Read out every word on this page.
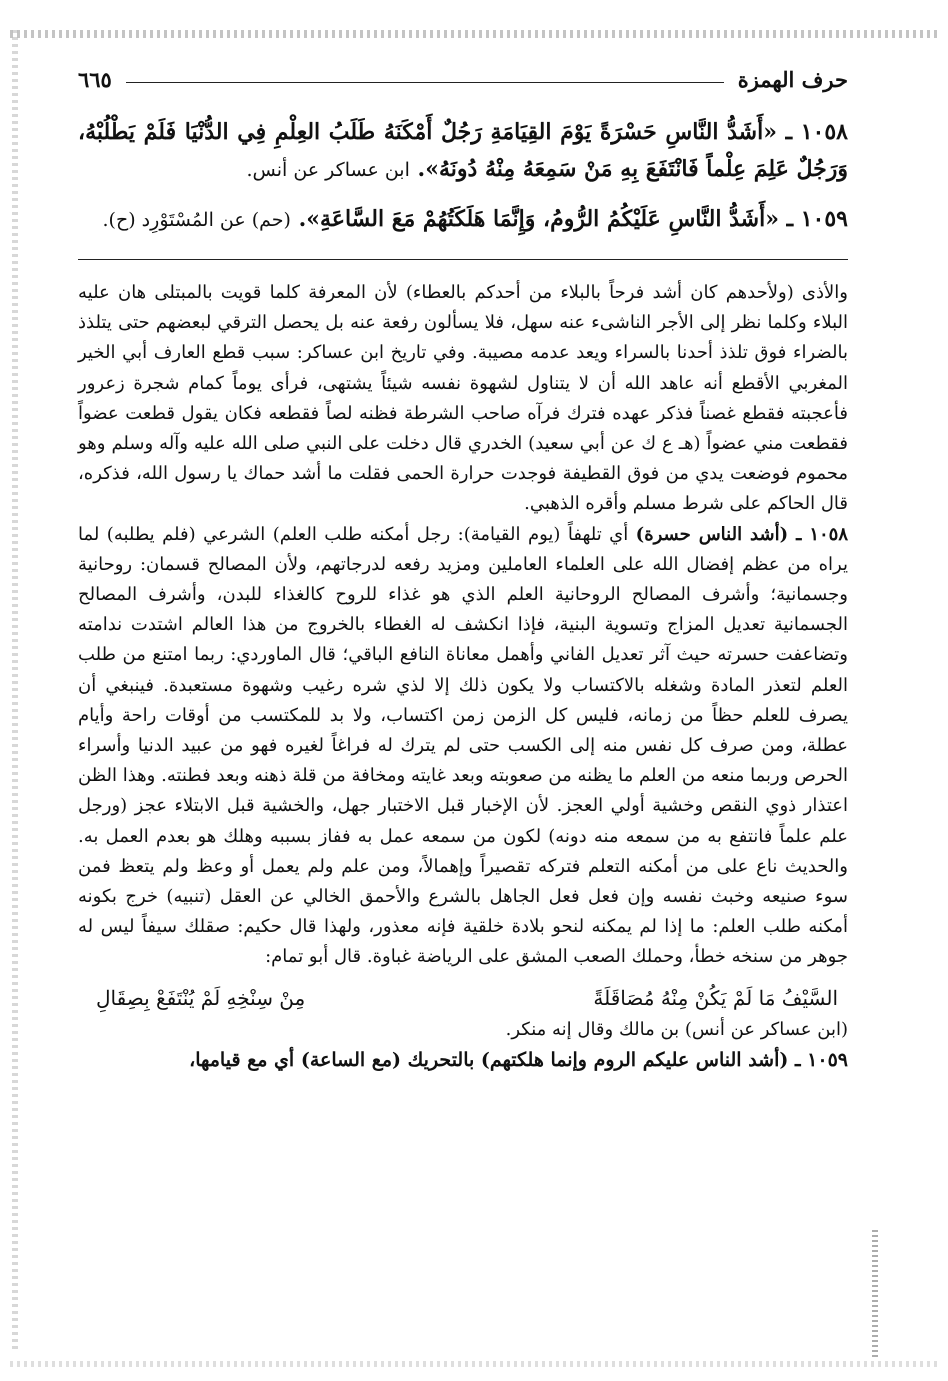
حرف الهمزة
٦٦٥
١٠٥٨ ـ «أَشَدُّ النَّاسِ حَسْرَةً يَوْمَ القِيَامَةِ رَجُلٌ أَمْكَنَهُ طَلَبُ العِلْمِ فِي الدُّنْيَا فَلَمْ يَطْلُبْهُ، وَرَجُلٌ عَلِمَ عِلْماً فَانْتَفَعَ بِهِ مَنْ سَمِعَهُ مِنْهُ دُونَهُ». ابن عساكر عن أنس.
١٠٥٩ ـ «أَشَدُّ النَّاسِ عَلَيْكُمُ الرُّومُ، وَإِنَّمَا هَلَكَتُهُمْ مَعَ السَّاعَةِ». (حم) عن المُسْتَوْرِد (ح).

والأذى (ولأحدهم كان أشد فرحاً بالبلاء من أحدكم بالعطاء) لأن المعرفة كلما قويت بالمبتلى هان عليه البلاء وكلما نظر إلى الأجر الناشىء عنه سهل، فلا يسألون رفعة عنه بل يحصل الترقي لبعضهم حتى يتلذذ بالضراء فوق تلذذ أحدنا بالسراء ويعد عدمه مصيبة. وفي تاريخ ابن عساكر: سبب قطع العارف أبي الخير المغربي الأقطع أنه عاهد الله أن لا يتناول لشهوة نفسه شيئاً يشتهى، فرأى يوماً كمام شجرة زعرور فأعجبته فقطع غصناً فذكر عهده فترك فرآه صاحب الشرطة فظنه لصاً فقطعه فكان يقول قطعت عضواً فقطعت مني عضواً (هـ ع ك عن أبي سعيد) الخدري قال دخلت على النبي صلى الله عليه وآله وسلم وهو محموم فوضعت يدي من فوق القطيفة فوجدت حرارة الحمى فقلت ما أشد حماك يا رسول الله، فذكره، قال الحاكم على شرط مسلم وأقره الذهبي.

١٠٥٨ ـ (أشد الناس حسرة) أي تلهفاً (يوم القيامة): رجل أمكنه طلب العلم) الشرعي (فلم يطلبه) لما يراه من عظم إفضال الله على العلماء العاملين ومزيد رفعه لدرجاتهم، ولأن المصالح قسمان: روحانية وجسمانية؛ وأشرف المصالح الروحانية العلم الذي هو غذاء للروح كالغذاء للبدن، وأشرف المصالح الجسمانية تعديل المزاج وتسوية البنية، فإذا انكشف له الغطاء بالخروج من هذا العالم اشتدت ندامته وتضاعفت حسرته حيث آثر تعديل الفاني وأهمل معاناة النافع الباقي؛ قال الماوردي: ربما امتنع من طلب العلم لتعذر المادة وشغله بالاكتساب ولا يكون ذلك إلا لذي شره رغيب وشهوة مستعبدة. فينبغي أن يصرف للعلم حظاً من زمانه، فليس كل الزمن زمن اكتساب، ولا بد للمكتسب من أوقات راحة وأيام عطلة، ومن صرف كل نفس منه إلى الكسب حتى لم يترك له فراغاً لغيره فهو من عبيد الدنيا وأسراء الحرص وربما منعه من العلم ما يظنه من صعوبته وبعد غايته ومخافة من قلة ذهنه وبعد فطنته. وهذا الظن اعتذار ذوي النقص وخشية أولي العجز. لأن الإخبار قبل الاختبار جهل، والخشية قبل الابتلاء عجز (ورجل علم علماً فانتفع به من سمعه منه دونه) لكون من سمعه عمل به ففاز بسببه وهلك هو بعدم العمل به. والحديث ناع على من أمكنه التعلم فتركه تقصيراً وإهمالاً، ومن علم ولم يعمل أو وعظ ولم يتعظ فمن سوء صنيعه وخبث نفسه وإن فعل فعل الجاهل بالشرع والأحمق الخالي عن العقل (تنبيه) خرج بكونه أمكنه طلب العلم: ما إذا لم يمكنه لنحو بلادة خلقية فإنه معذور، ولهذا قال حكيم: صقلك سيفاً ليس له جوهر من سنخه خطأ، وحملك الصعب المشق على الرياضة غباوة. قال أبو تمام:

السَّيْفُ مَا لَمْ يَكُنْ مِنْهُ مُصَاقَلَةً
مِنْ سِنْخِهِ لَمْ يُنْتَفَعْ بِصِقَالِ

(ابن عساكر عن أنس) بن مالك وقال إنه منكر.

١٠٥٩ ـ (أشد الناس عليكم الروم وإنما هلكتهم) بالتحريك (مع الساعة) أي مع قيامها،
